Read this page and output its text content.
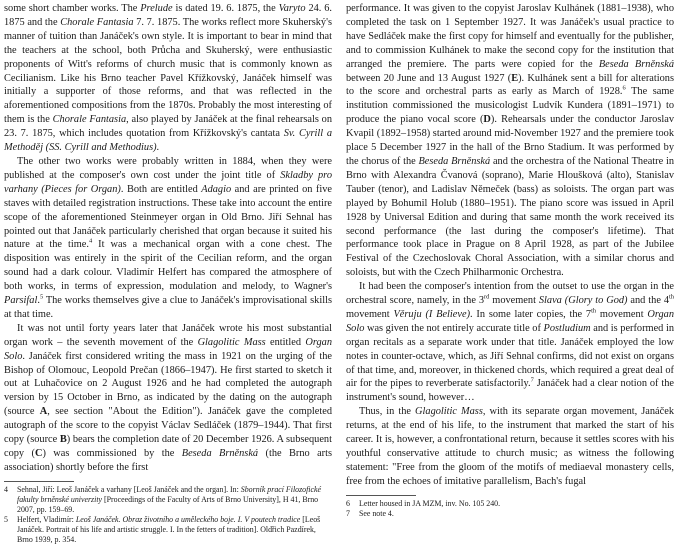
some short chamber works. The Prelude is dated 19. 6. 1875, the Varyto 24. 6. 1875 and the Chorale Fantasia 7. 7. 1875. The works reflect more Skuherský's manner of tuition than Janáček's own style. It is important to bear in mind that the teachers at the school, both Průcha and Skuherský, were enthusiastic proponents of Witt's reforms of church music that is commonly known as Cecilianism. Like his Brno teacher Pavel Křížkovský, Janáček himself was initially a supporter of those reforms, and that was reflected in the aforementioned compositions from the 1870s. Probably the most interesting of them is the Chorale Fantasia, also played by Janáček at the final rehearsals on 23. 7. 1875, which includes quotation from Křížkovský's cantata Sv. Cyrill a Methoděj (SS. Cyrill and Methodius).

The other two works were probably written in 1884, when they were published at the composer's own cost under the joint title of Skladby pro varhany (Pieces for Organ). Both are entitled Adagio and are printed on five staves with detailed registration instructions. These take into account the entire scope of the aforementioned Steinmeyer organ in Old Brno. Jiří Sehnal has pointed out that Janáček particularly cherished that organ because it suited his nature at the time.$^4$ It was a mechanical organ with a cone chest. The disposition was entirely in the spirit of the Cecilian reform, and the organ sound had a dark colour. Vladimír Helfert has compared the atmosphere of both works, in terms of expression, modulation and melody, to Wagner's Parsifal.$^5$ The works themselves give a clue to Janáček's improvisational skills at that time.

It was not until forty years later that Janáček wrote his most substantial organ work – the seventh movement of the Glagolitic Mass entitled Organ Solo. Janáček first considered writing the mass in 1921 on the urging of the Bishop of Olomouc, Leopold Prečan (1866–1947). He first started to sketch it out at Luhačovice on 2 August 1926 and he had completed the autograph version by 15 October in Brno, as indicated by the dating on the autograph (source A, see section "About the Edition"). Janáček gave the completed autograph of the score to the copyist Václav Sedláček (1879–1944). That first copy (source B) bears the completion date of 20 December 1926. A subsequent copy (C) was commissioned by the Beseda Brněnská (the Brno arts association) shortly before the first

4	Sehnal, Jiří: Leoš Janáček a varhany [Leoš Janáček and the organ]. In: Sborník prací Filozofické fakulty brněnské univerzity [Proceedings of the Faculty of Arts of Brno University], H 41, Brno 2007, pp. 159–69.
5	Helfert, Vladimír: Leoš Janáček. Obraz životního a uměleckého boje. I. V poutech tradice [Leoš Janáček. Portrait of his life and artistic struggle. I. In the fetters of tradition]. Oldřich Pazdírek, Brno 1939, p. 354.

performance. It was given to the copyist Jaroslav Kulhánek (1881–1938), who completed the task on 1 September 1927. It was Janáček's usual practice to have Sedláček make the first copy for himself and eventually for the publisher, and to commission Kulhánek to make the second copy for the institution that arranged the premiere. The parts were copied for the Beseda Brněnská between 20 June and 13 August 1927 (E). Kulhánek sent a bill for alterations to the score and orchestral parts as early as March of 1928.$^6$ The same institution commissioned the musicologist Ludvík Kundera (1891–1971) to produce the piano vocal score (D). Rehearsals under the conductor Jaroslav Kvapil (1892–1958) started around mid-November 1927 and the premiere took place 5 December 1927 in the hall of the Brno Stadium. It was performed by the chorus of the Beseda Brněnská and the orchestra of the National Theatre in Brno with Alexandra Čvanová (soprano), Marie Hloušková (alto), Stanislav Tauber (tenor), and Ladislav Němeček (bass) as soloists. The organ part was played by Bohumil Holub (1880–1951). The piano score was issued in April 1928 by Universal Edition and during that same month the work received its second performance (the last during the composer's lifetime). That performance took place in Prague on 8 April 1928, as part of the Jubilee Festival of the Czechoslovak Choral Association, with a similar chorus and soloists, but with the Czech Philharmonic Orchestra.

It had been the composer's intention from the outset to use the organ in the orchestral score, namely, in the 3rd movement Slava (Glory to God) and the 4th movement Věruju (I Believe). In some later copies, the 7th movement Organ Solo was given the not entirely accurate title of Postludium and is performed in organ recitals as a separate work under that title. Janáček employed the low notes in counter-octave, which, as Jiří Sehnal confirms, did not exist on organs of that time, and, moreover, in thickened chords, which required a great deal of air for the pipes to reverberate satisfactorily.$^7$ Janáček had a clear notion of the instrument's sound, however…

Thus, in the Glagolitic Mass, with its separate organ movement, Janáček returns, at the end of his life, to the instrument that marked the start of his career. It is, however, a confrontational return, because it settles scores with his youthful conservative attitude to church music; as witness the following statement: "Free from the gloom of the motifs of mediaeval monastery cells, free from the echoes of imitative parallelism, Bach's fugal

6	Letter housed in JA MZM, inv. No. 105 240.
7	See note 4.
